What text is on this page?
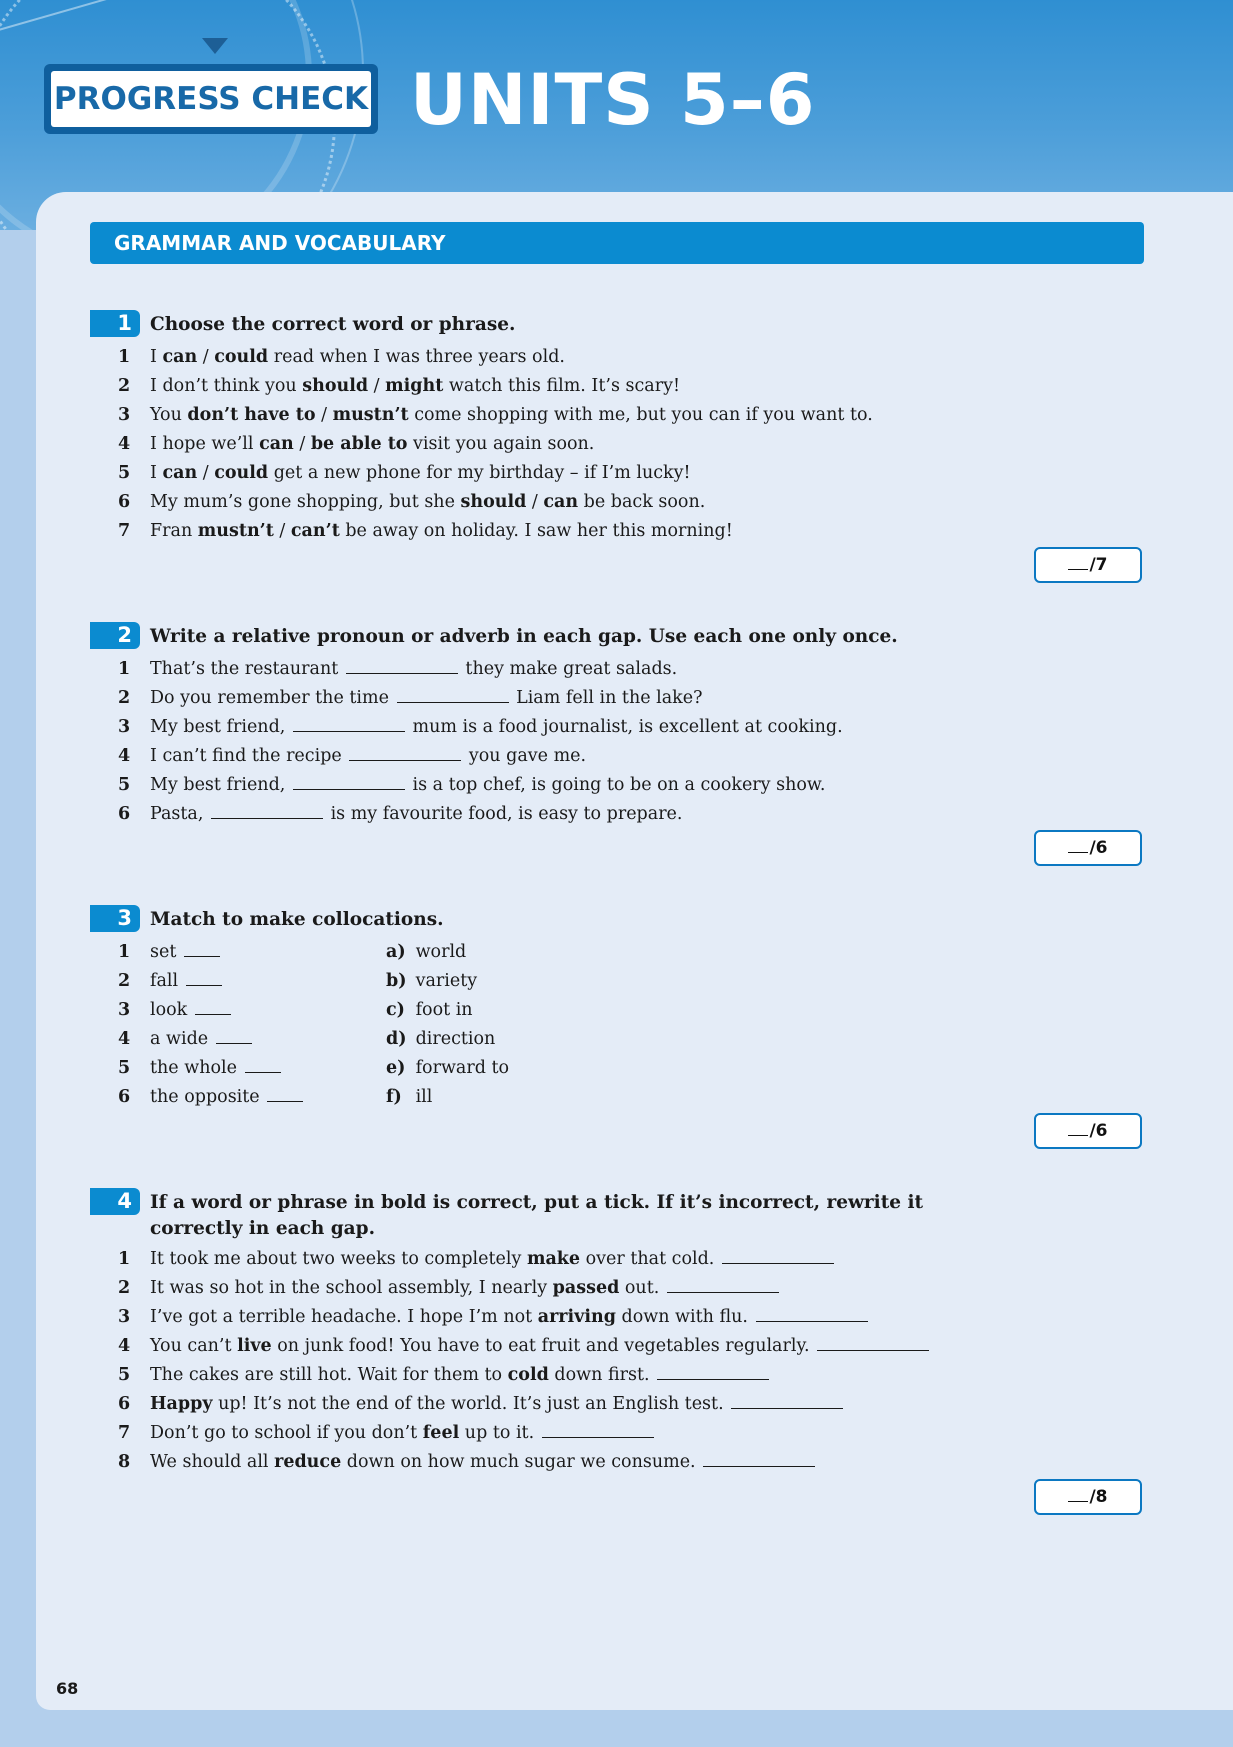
PROGRESS CHECK UNITS 5–6
GRAMMAR AND VOCABULARY
1 Choose the correct word or phrase.
1 I can / could read when I was three years old.
2 I don’t think you should / might watch this film. It’s scary!
3 You don’t have to / mustn’t come shopping with me, but you can if you want to.
4 I hope we’ll can / be able to visit you again soon.
5 I can / could get a new phone for my birthday – if I’m lucky!
6 My mum’s gone shopping, but she should / can be back soon.
7 Fran mustn’t / can’t be away on holiday. I saw her this morning!
/7
2 Write a relative pronoun or adverb in each gap. Use each one only once.
1 That’s the restaurant	they make great salads.
2 Do you remember the time	Liam fell in the lake?
3 My best friend,	mum is a food journalist, is excellent at cooking.
4 I can’t find the recipe	you gave me.
5 My best friend,	is a top chef, is going to be on a cookery show.
6 Pasta,	is my favourite food, is easy to prepare.
/6
3 Match to make collocations.
1 set	a) world
2 fall	b) variety
3 look	c) foot in
4 a wide	d) direction
5 the whole	e) forward to
6 the opposite	f) ill
/6
4 If a word or phrase in bold is correct, put a tick. If it’s incorrect, rewrite it
correctly in each gap.
1 It took me about two weeks to completely make over that cold.
2 It was so hot in the school assembly, I nearly passed out.
3 I’ve got a terrible headache. I hope I’m not arriving down with flu.
4 You can’t live on junk food! You have to eat fruit and vegetables regularly.
5 The cakes are still hot. Wait for them to cold down first.
6 Happy up! It’s not the end of the world. It’s just an English test.
7 Don’t go to school if you don’t feel up to it.
8 We should all reduce down on how much sugar we consume.
/8
68
